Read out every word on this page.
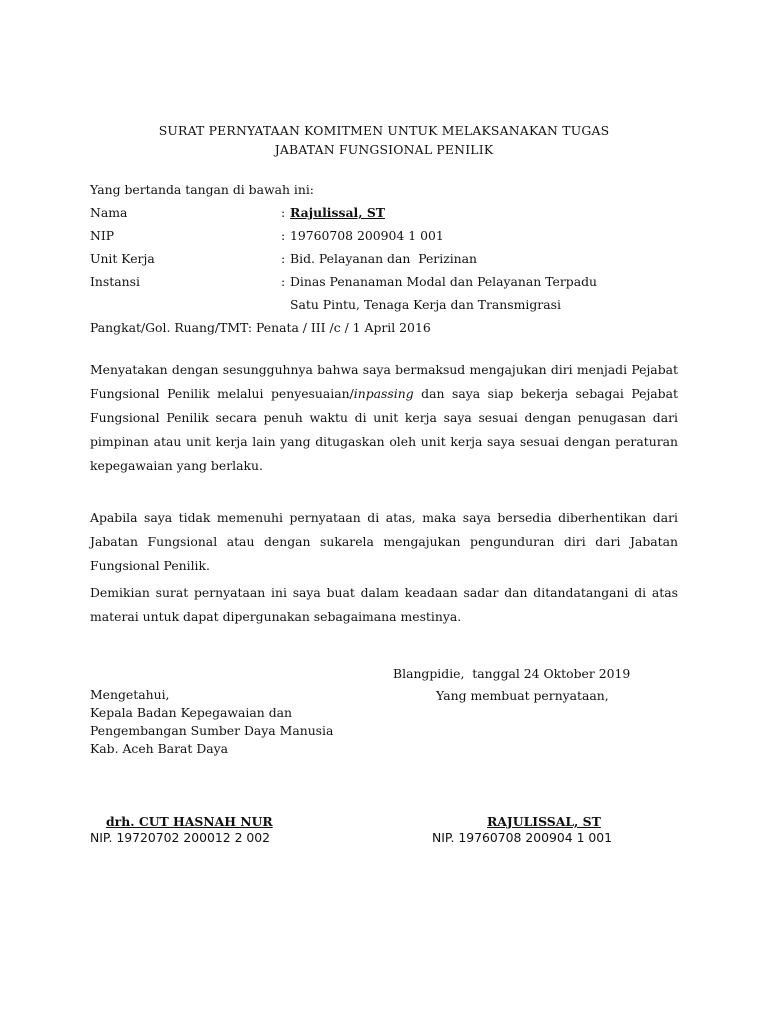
SURAT PERNYATAAN KOMITMEN UNTUK MELAKSANAKAN TUGAS
JABATAN FUNGSIONAL PENILIK
Yang bertanda tangan di bawah ini:
Nama	: Rajulissal, ST
NIP	: 19760708 200904 1 001
Unit Kerja	: Bid. Pelayanan dan  Perizinan
Instansi	: Dinas Penanaman Modal dan Pelayanan Terpadu
Satu Pintu, Tenaga Kerja dan Transmigrasi
Pangkat/Gol. Ruang/TMT: Penata / III /c / 1 April 2016

Menyatakan dengan sesungguhnya bahwa saya bermaksud mengajukan diri menjadi Pejabat Fungsional Penilik melalui penyesuaian/inpassing dan saya siap bekerja sebagai Pejabat Fungsional Penilik secara penuh waktu di unit kerja saya sesuai dengan penugasan dari pimpinan atau unit kerja lain yang ditugaskan oleh unit kerja saya sesuai dengan peraturan kepegawaian yang berlaku.

Apabila saya tidak memenuhi pernyataan di atas, maka saya bersedia diberhentikan dari Jabatan Fungsional atau dengan sukarela mengajukan pengunduran diri dari Jabatan Fungsional Penilik.

Demikian surat pernyataan ini saya buat dalam keadaan sadar dan ditandatangani di atas materai untuk dapat dipergunakan sebagaimana mestinya.

Blangpidie,  tanggal 24 Oktober 2019
Yang membuat pernyataan,
Mengetahui,
Kepala Badan Kepegawaian dan
Pengembangan Sumber Daya Manusia
Kab. Aceh Barat Daya
drh. CUT HASNAH NUR
NIP. 19720702 200012 2 002
RAJULISSAL, ST
NIP. 19760708 200904 1 001
